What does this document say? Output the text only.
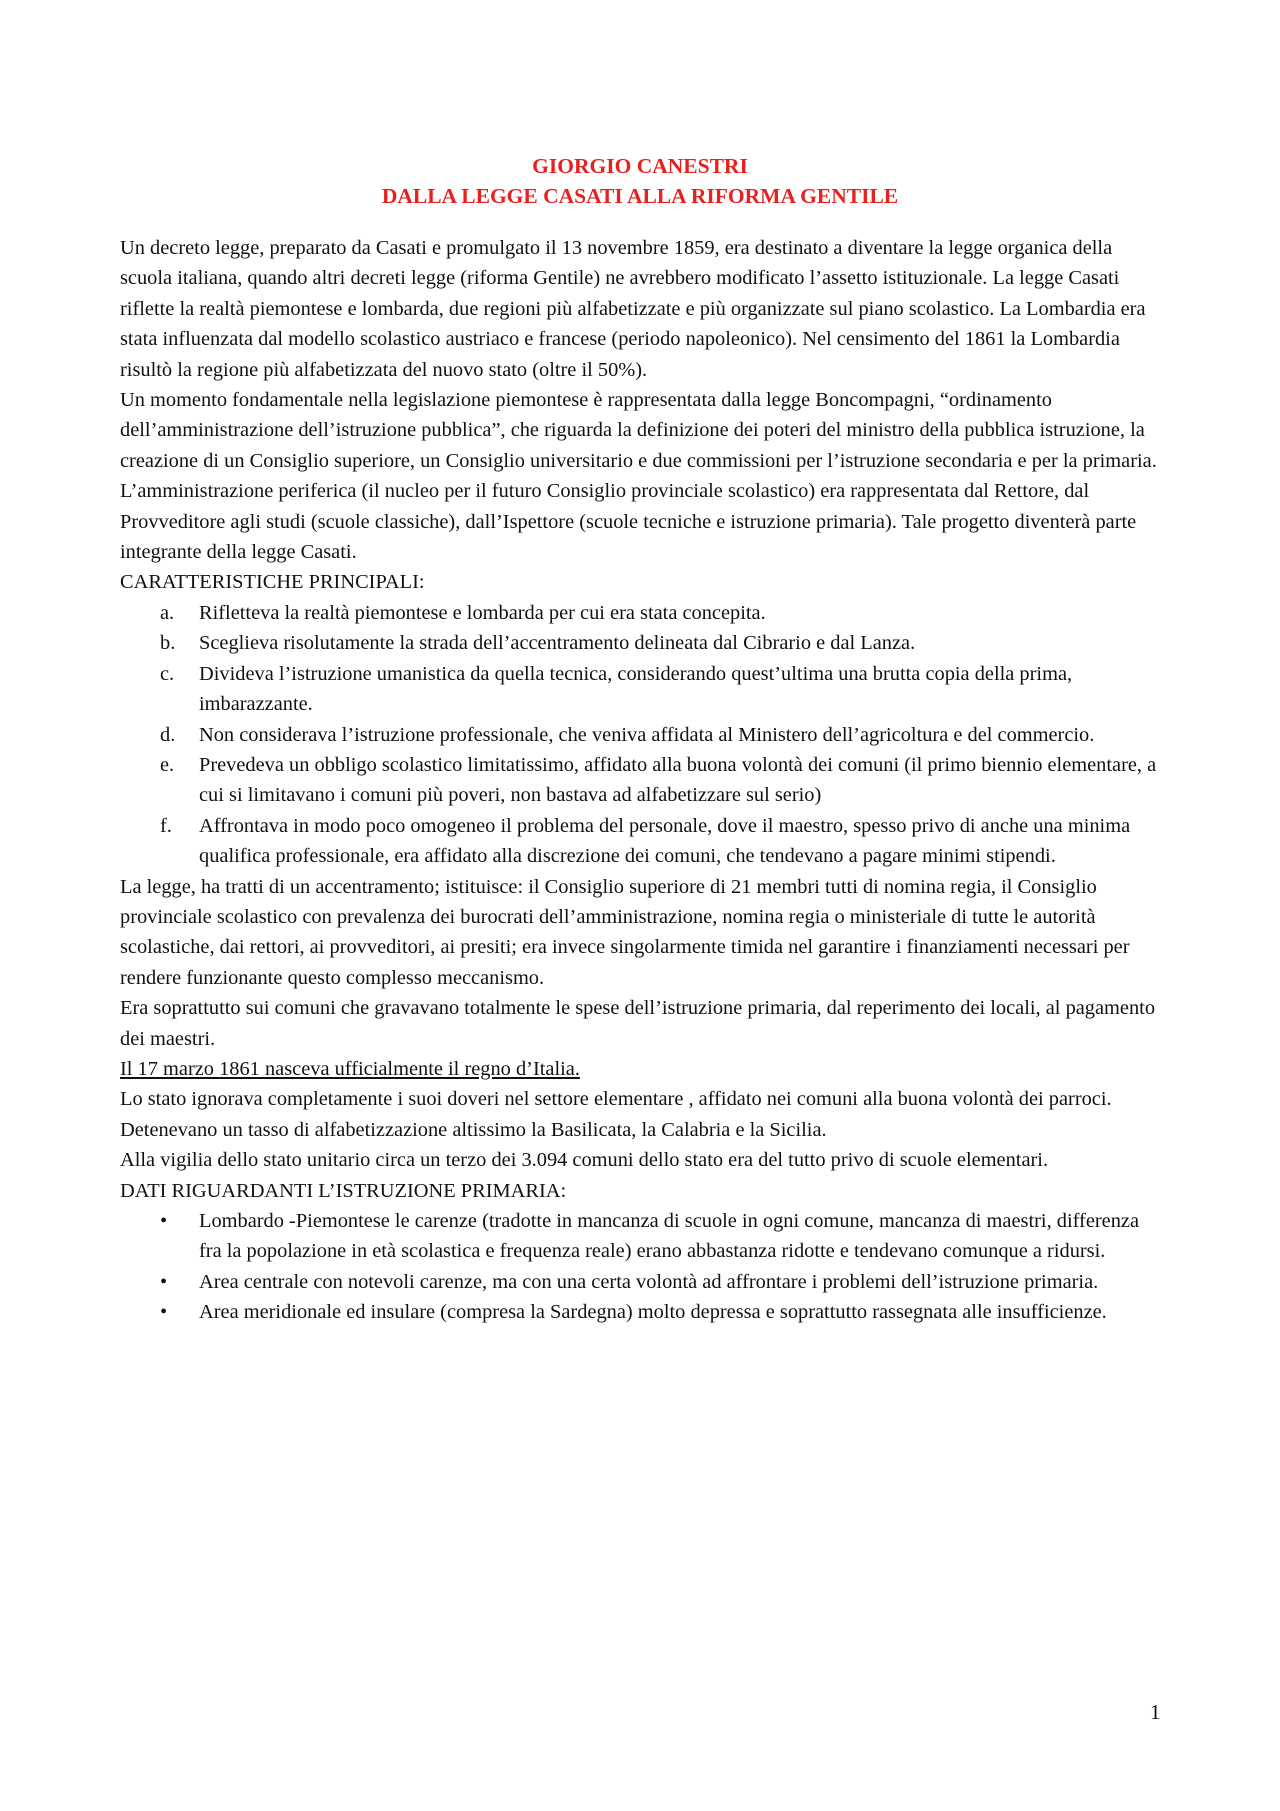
GIORGIO CANESTRI
DALLA LEGGE CASATI ALLA RIFORMA GENTILE

Un decreto legge, preparato da Casati e promulgato il 13 novembre 1859, era destinato a diventare la legge organica della scuola italiana, quando altri decreti legge (riforma Gentile) ne avrebbero modificato l’assetto istituzionale. La legge Casati riflette la realtà piemontese e lombarda, due regioni più alfabetizzate e più organizzate sul piano scolastico. La Lombardia era stata influenzata dal modello scolastico austriaco e francese (periodo napoleonico). Nel censimento del 1861 la Lombardia risultò la regione più alfabetizzata del nuovo stato (oltre il 50%).

Un momento fondamentale nella legislazione piemontese è rappresentata dalla legge Boncompagni, “ordinamento dell’amministrazione dell’istruzione pubblica”, che riguarda la definizione dei poteri del ministro della pubblica istruzione, la creazione di un Consiglio superiore, un Consiglio universitario e due commissioni per l’istruzione secondaria e per la primaria. L’amministrazione periferica (il nucleo per il futuro Consiglio provinciale scolastico) era rappresentata dal Rettore, dal Provveditore agli studi (scuole classiche), dall’Ispettore (scuole tecniche e istruzione primaria). Tale progetto diventerà parte integrante della legge Casati.

CARATTERISTICHE PRINCIPALI:

a. Rifletteva la realtà piemontese e lombarda per cui era stata concepita.
b. Sceglieva risolutamente la strada dell’accentramento delineata dal Cibrario e dal Lanza.
c. Divideva l’istruzione umanistica da quella tecnica, considerando quest’ultima una brutta copia della prima, imbarazzante.
d. Non considerava l’istruzione professionale, che veniva affidata al Ministero dell’agricoltura e del commercio.
e. Prevedeva un obbligo scolastico limitatissimo, affidato alla buona volontà dei comuni (il primo biennio elementare, a cui si limitavano i comuni più poveri, non bastava ad alfabetizzare sul serio)
f. Affrontava in modo poco omogeneo il problema del personale, dove il maestro, spesso privo di anche una minima qualifica professionale, era affidato alla discrezione dei comuni, che tendevano a pagare minimi stipendi.

La legge, ha tratti di un accentramento; istituisce: il Consiglio superiore di 21 membri tutti di nomina regia, il Consiglio provinciale scolastico con prevalenza dei burocrati dell’amministrazione, nomina regia o ministeriale di tutte le autorità scolastiche, dai rettori, ai provveditori, ai presiti; era invece singolarmente timida nel garantire i finanziamenti necessari per rendere funzionante questo complesso meccanismo.

Era soprattutto sui comuni che gravavano totalmente le spese dell’istruzione primaria, dal reperimento dei locali, al pagamento dei maestri.

Il 17 marzo 1861 nasceva ufficialmente il regno d’Italia.

Lo stato ignorava completamente i suoi doveri nel settore elementare , affidato nei comuni alla buona volontà dei parroci.

Detenevano un tasso di alfabetizzazione altissimo la Basilicata, la Calabria e la Sicilia.

Alla vigilia dello stato unitario circa un terzo dei 3.094 comuni dello stato era del tutto privo di scuole elementari.

DATI RIGUARDANTI L’ISTRUZIONE PRIMARIA:

• Lombardo -Piemontese le carenze (tradotte in mancanza di scuole in ogni comune, mancanza di maestri, differenza fra la popolazione in età scolastica e frequenza reale) erano abbastanza ridotte e tendevano comunque a ridursi.
• Area centrale con notevoli carenze, ma con una certa volontà ad affrontare i problemi dell’istruzione primaria.
• Area meridionale ed insulare (compresa la Sardegna) molto depressa e soprattutto rassegnata alle insufficienze.
1
